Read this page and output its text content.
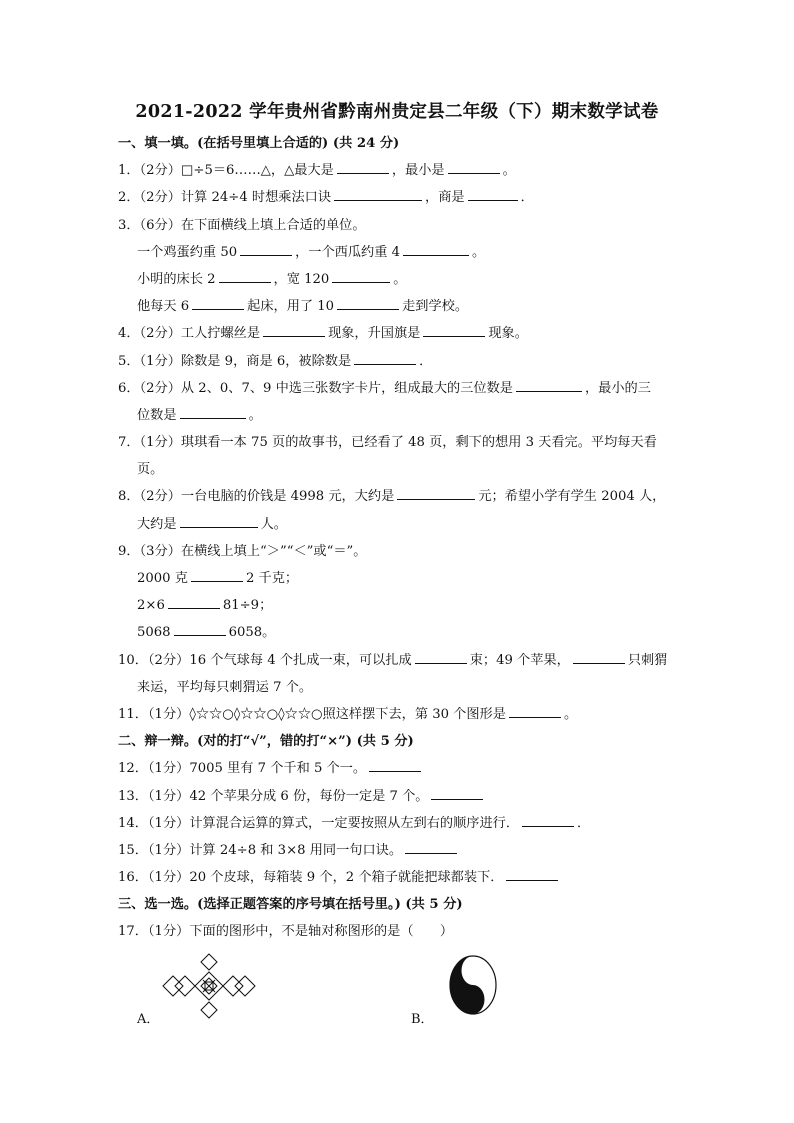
2021-2022 学年贵州省黔南州贵定县二年级（下）期末数学试卷
一、填一填。(在括号里填上合适的) (共 24 分)
1．（2分）□÷5＝6……△，△最大是	，最小是	。
2．（2分）计算 24÷4 时想乘法口诀	，商是	．
3．（6分）在下面横线上填上合适的单位。
一个鸡蛋约重 50	，一个西瓜约重 4	。
小明的床长 2	，宽 120	。
他每天 6	起床，用了 10	走到学校。
4．（2分）工人拧螺丝是	现象，升国旗是	现象。
5．（1分）除数是 9，商是 6，被除数是	．
6．（2分）从 2、0、7、9 中选三张数字卡片，组成最大的三位数是	，最小的三
位数是	。
7．（1分）琪琪看一本 75 页的故事书，已经看了 48 页，剩下的想用 3 天看完。平均每天看
页。
8．（2分）一台电脑的价钱是 4998 元，大约是	元；希望小学有学生 2004 人，
大约是	人。
9．（3分）在横线上填上“＞”“＜”或“＝”。
2000 克	2 千克；
2×6	81÷9；
5068	6058。
10．（2分）16 个气球每 4 个扎成一束，可以扎成	束；49 个苹果，	只刺猬
来运，平均每只刺猬运 7 个。
11．（1分）◊☆☆○◊☆☆○◊☆☆○照这样摆下去，第 30 个图形是	。
二、辩一辩。(对的打“√”，错的打“×”) (共 5 分)
12．（1分）7005 里有 7 个千和 5 个一。
13．（1分）42 个苹果分成 6 份，每份一定是 7 个。
14．（1分）计算混合运算的算式，一定要按照从左到右的顺序进行．	．
15．（1分）计算 24÷8 和 3×8 用同一句口诀。
16．（1分）20 个皮球，每箱装 9 个，2 个箱子就能把球都装下．
三、选一选。(选择正题答案的序号填在括号里。) (共 5 分)
17．（1分）下面的图形中，不是轴对称图形的是（　　）
A．	B．
